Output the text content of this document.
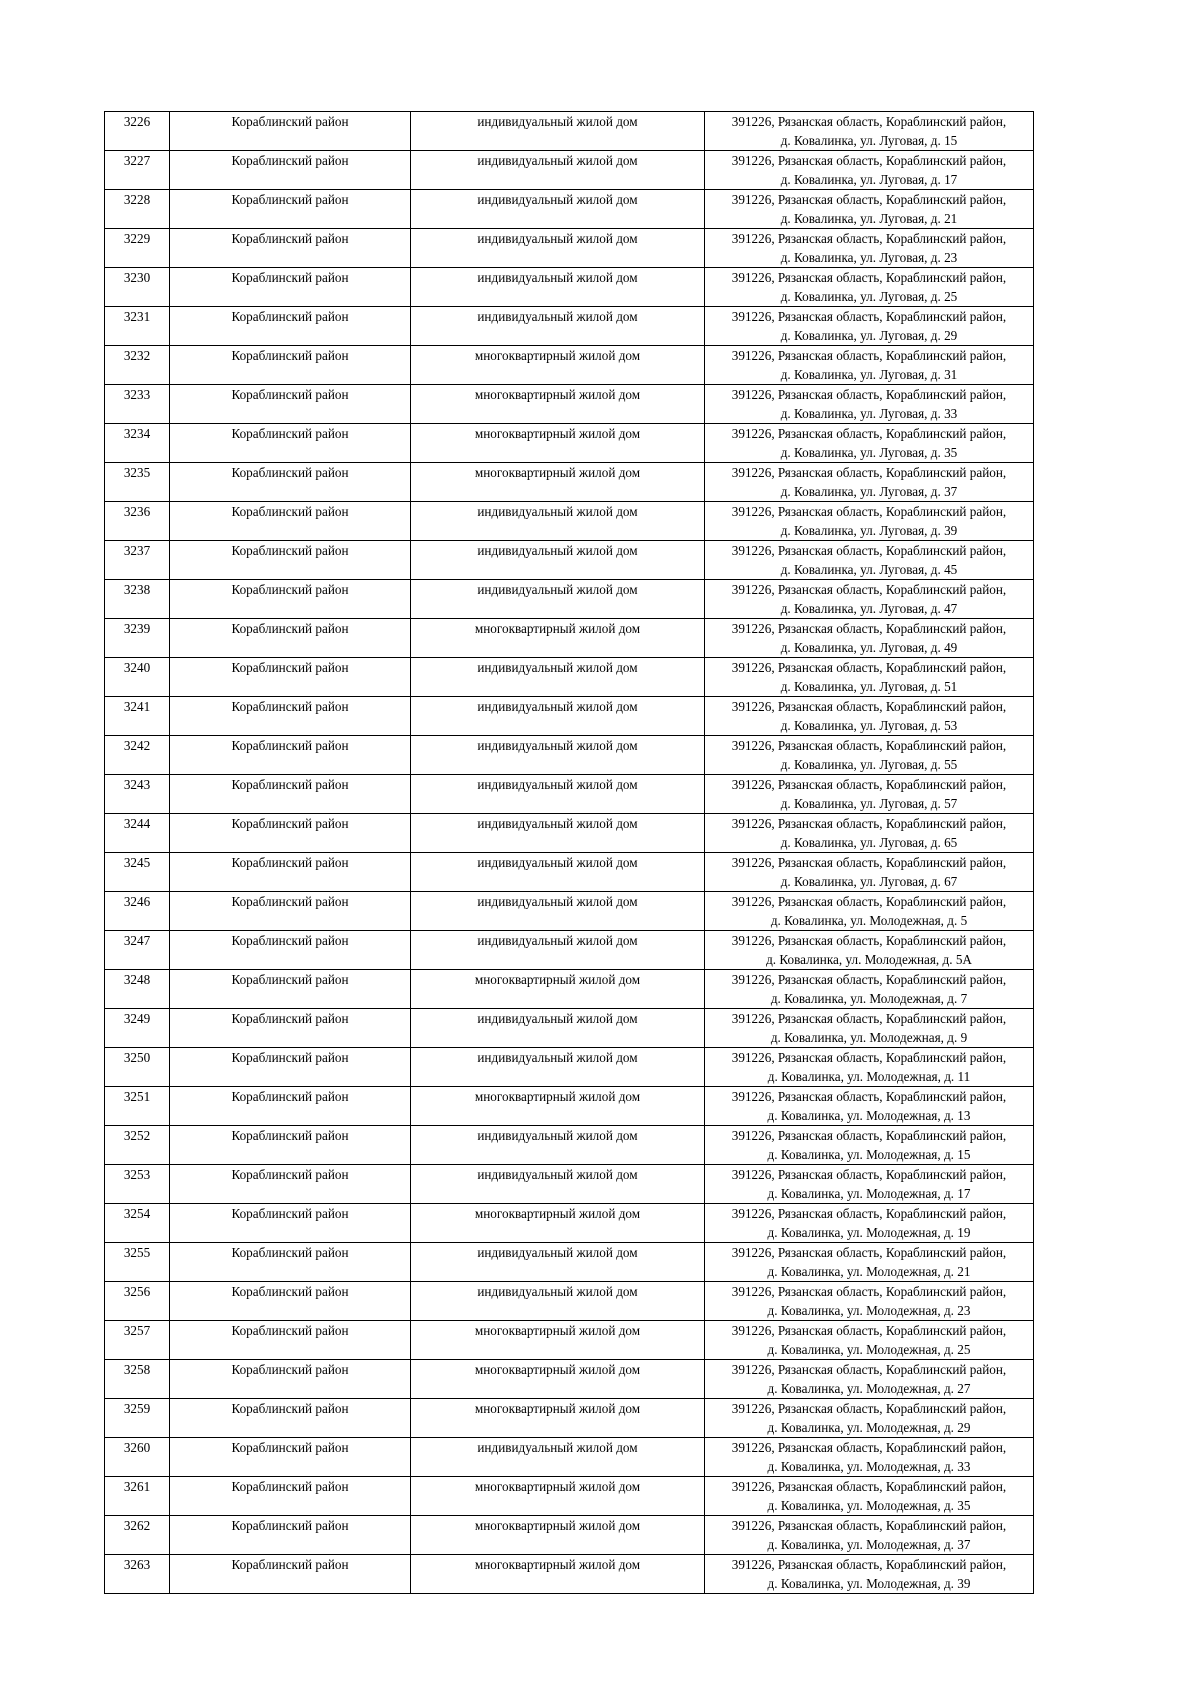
3226	Кораблинский район	индивидуальный жилой дом	391226, Рязанская область, Кораблинский район,
д. Ковалинка, ул. Луговая, д. 15

3227	Кораблинский район	индивидуальный жилой дом	391226, Рязанская область, Кораблинский район,
д. Ковалинка, ул. Луговая, д. 17

3228	Кораблинский район	индивидуальный жилой дом	391226, Рязанская область, Кораблинский район,
д. Ковалинка, ул. Луговая, д. 21

3229	Кораблинский район	индивидуальный жилой дом	391226, Рязанская область, Кораблинский район,
д. Ковалинка, ул. Луговая, д. 23

3230	Кораблинский район	индивидуальный жилой дом	391226, Рязанская область, Кораблинский район,
д. Ковалинка, ул. Луговая, д. 25

3231	Кораблинский район	индивидуальный жилой дом	391226, Рязанская область, Кораблинский район,
д. Ковалинка, ул. Луговая, д. 29

3232	Кораблинский район	многоквартирный жилой дом	391226, Рязанская область, Кораблинский район,
д. Ковалинка, ул. Луговая, д. 31

3233	Кораблинский район	многоквартирный жилой дом	391226, Рязанская область, Кораблинский район,
д. Ковалинка, ул. Луговая, д. 33

3234	Кораблинский район	многоквартирный жилой дом	391226, Рязанская область, Кораблинский район,
д. Ковалинка, ул. Луговая, д. 35

3235	Кораблинский район	многоквартирный жилой дом	391226, Рязанская область, Кораблинский район,
д. Ковалинка, ул. Луговая, д. 37

3236	Кораблинский район	индивидуальный жилой дом	391226, Рязанская область, Кораблинский район,
д. Ковалинка, ул. Луговая, д. 39

3237	Кораблинский район	индивидуальный жилой дом	391226, Рязанская область, Кораблинский район,
д. Ковалинка, ул. Луговая, д. 45

3238	Кораблинский район	индивидуальный жилой дом	391226, Рязанская область, Кораблинский район,
д. Ковалинка, ул. Луговая, д. 47

3239	Кораблинский район	многоквартирный жилой дом	391226, Рязанская область, Кораблинский район,
д. Ковалинка, ул. Луговая, д. 49

3240	Кораблинский район	индивидуальный жилой дом	391226, Рязанская область, Кораблинский район,
д. Ковалинка, ул. Луговая, д. 51

3241	Кораблинский район	индивидуальный жилой дом	391226, Рязанская область, Кораблинский район,
д. Ковалинка, ул. Луговая, д. 53

3242	Кораблинский район	индивидуальный жилой дом	391226, Рязанская область, Кораблинский район,
д. Ковалинка, ул. Луговая, д. 55

3243	Кораблинский район	индивидуальный жилой дом	391226, Рязанская область, Кораблинский район,
д. Ковалинка, ул. Луговая, д. 57

3244	Кораблинский район	индивидуальный жилой дом	391226, Рязанская область, Кораблинский район,
д. Ковалинка, ул. Луговая, д. 65

3245	Кораблинский район	индивидуальный жилой дом	391226, Рязанская область, Кораблинский район,
д. Ковалинка, ул. Луговая, д. 67

3246	Кораблинский район	индивидуальный жилой дом	391226, Рязанская область, Кораблинский район,
д. Ковалинка, ул. Молодежная, д. 5

3247	Кораблинский район	индивидуальный жилой дом	391226, Рязанская область, Кораблинский район,
д. Ковалинка, ул. Молодежная, д. 5А

3248	Кораблинский район	многоквартирный жилой дом	391226, Рязанская область, Кораблинский район,
д. Ковалинка, ул. Молодежная, д. 7

3249	Кораблинский район	индивидуальный жилой дом	391226, Рязанская область, Кораблинский район,
д. Ковалинка, ул. Молодежная, д. 9

3250	Кораблинский район	индивидуальный жилой дом	391226, Рязанская область, Кораблинский район,
д. Ковалинка, ул. Молодежная, д. 11

3251	Кораблинский район	многоквартирный жилой дом	391226, Рязанская область, Кораблинский район,
д. Ковалинка, ул. Молодежная, д. 13

3252	Кораблинский район	индивидуальный жилой дом	391226, Рязанская область, Кораблинский район,
д. Ковалинка, ул. Молодежная, д. 15

3253	Кораблинский район	индивидуальный жилой дом	391226, Рязанская область, Кораблинский район,
д. Ковалинка, ул. Молодежная, д. 17

3254	Кораблинский район	многоквартирный жилой дом	391226, Рязанская область, Кораблинский район,
д. Ковалинка, ул. Молодежная, д. 19

3255	Кораблинский район	индивидуальный жилой дом	391226, Рязанская область, Кораблинский район,
д. Ковалинка, ул. Молодежная, д. 21

3256	Кораблинский район	индивидуальный жилой дом	391226, Рязанская область, Кораблинский район,
д. Ковалинка, ул. Молодежная, д. 23

3257	Кораблинский район	многоквартирный жилой дом	391226, Рязанская область, Кораблинский район,
д. Ковалинка, ул. Молодежная, д. 25

3258	Кораблинский район	многоквартирный жилой дом	391226, Рязанская область, Кораблинский район,
д. Ковалинка, ул. Молодежная, д. 27

3259	Кораблинский район	многоквартирный жилой дом	391226, Рязанская область, Кораблинский район,
д. Ковалинка, ул. Молодежная, д. 29

3260	Кораблинский район	индивидуальный жилой дом	391226, Рязанская область, Кораблинский район,
д. Ковалинка, ул. Молодежная, д. 33

3261	Кораблинский район	многоквартирный жилой дом	391226, Рязанская область, Кораблинский район,
д. Ковалинка, ул. Молодежная, д. 35

3262	Кораблинский район	многоквартирный жилой дом	391226, Рязанская область, Кораблинский район,
д. Ковалинка, ул. Молодежная, д. 37

3263	Кораблинский район	многоквартирный жилой дом	391226, Рязанская область, Кораблинский район,
д. Ковалинка, ул. Молодежная, д. 39
